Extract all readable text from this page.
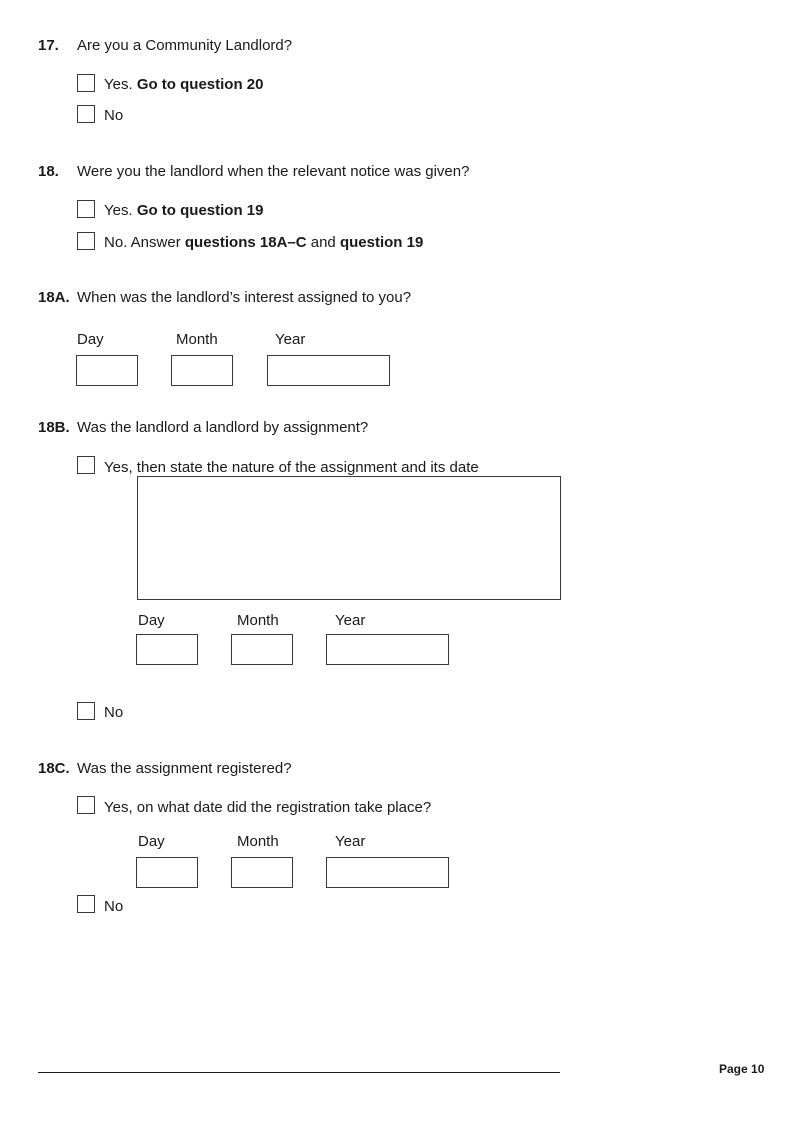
17. Are you a Community Landlord?
Yes. Go to question 20
No
18. Were you the landlord when the relevant notice was given?
Yes. Go to question 19
No. Answer questions 18A–C and question 19
18A. When was the landlord’s interest assigned to you?
Day	Month	Year
18B. Was the landlord a landlord by assignment?
Yes, then state the nature of the assignment and its date
Day	Month	Year
No
18C. Was the assignment registered?
Yes, on what date did the registration take place?
Day	Month	Year
No
Page 10
